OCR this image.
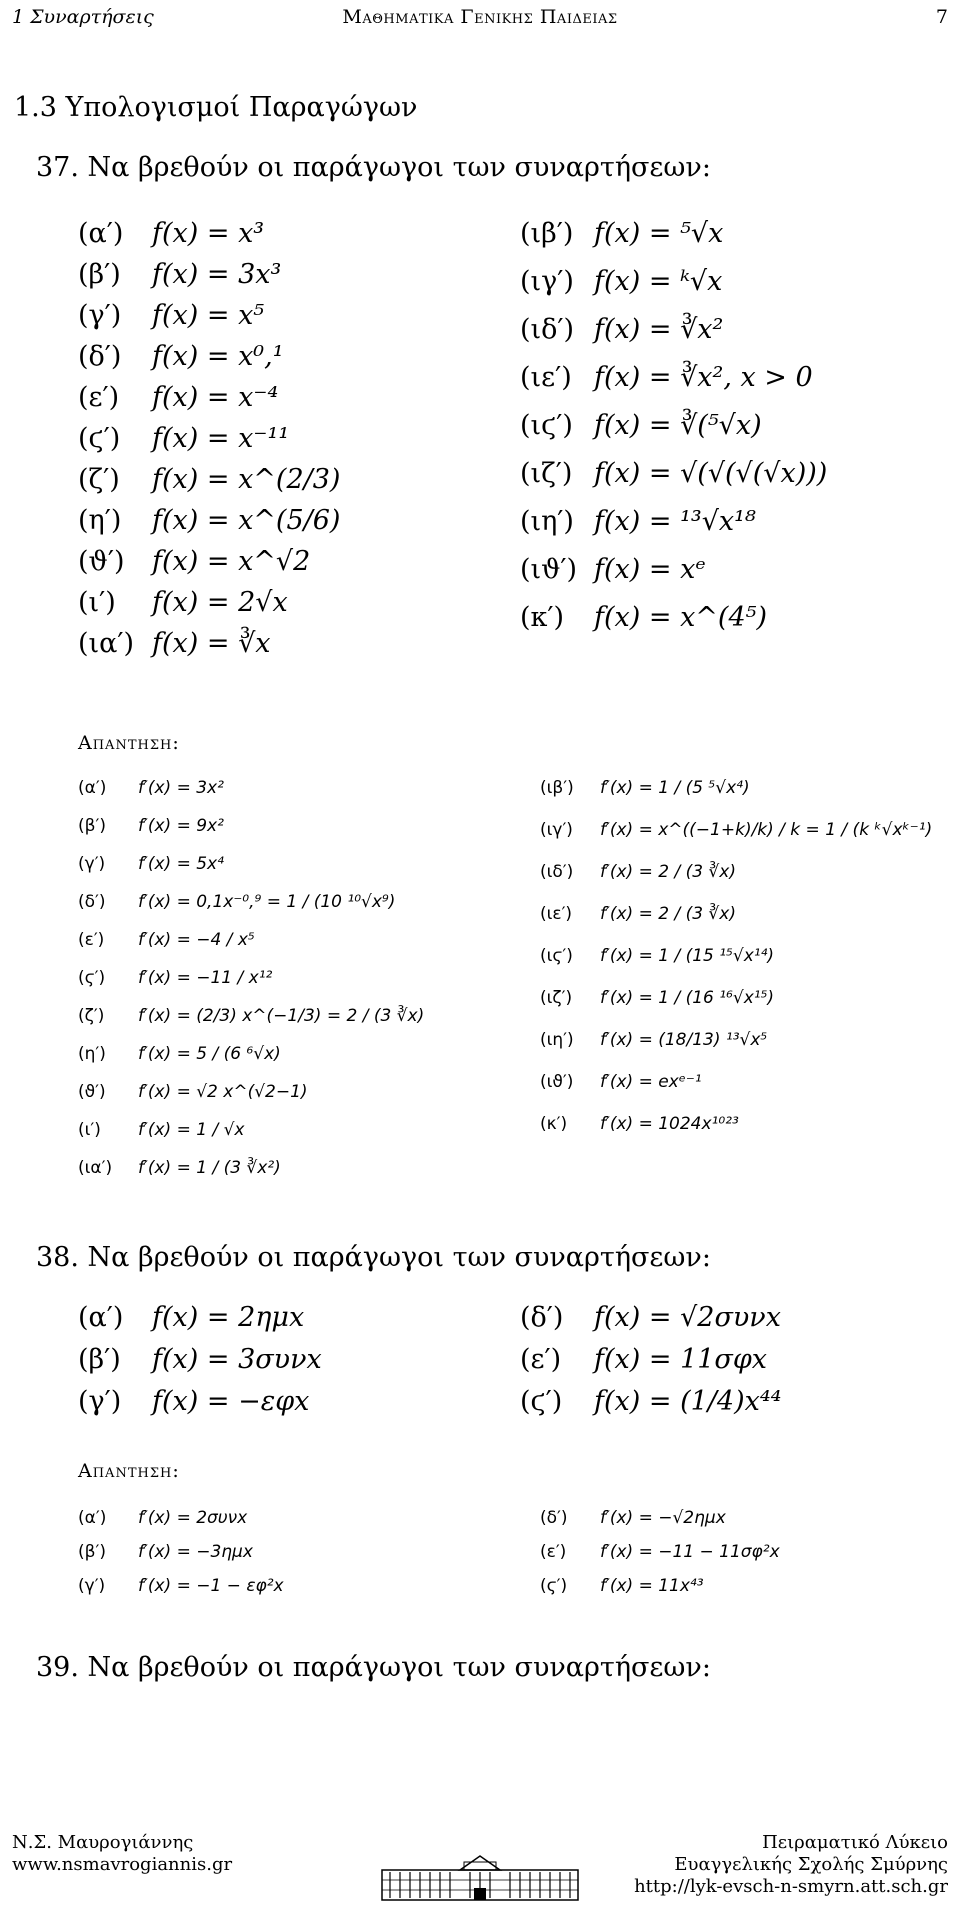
1 Συναρτήσεις	Μαθηματικα Γενικης Παιδειας	7
1.3 Υπολογισμοί Παραγώγων
37. Να βρεθούν οι παράγωγοι των συναρτήσεων:
(α′) f(x) = x³
(β′) f(x) = 3x³
(γ′) f(x) = x⁵
(δ′) f(x) = x⁰,¹
(ε′) f(x) = x⁻⁴
(ϛ′) f(x) = x⁻¹¹
(ζ′) f(x) = x^(2/3)
(η′) f(x) = x^(5/6)
(ϑ′) f(x) = x^√2
(ι′) f(x) = 2√x
(ια′) f(x) = ∛x
(ιβ′) f(x) = ⁵√x
(ιγ′) f(x) = ᵏ√x
(ιδ′) f(x) = ∛x²
(ιε′) f(x) = ∛x², x > 0
(ιϛ′) f(x) = ∛(⁵√x)
(ιζ′) f(x) = √(√(√(√x)))
(ιη′) f(x) = ¹³√x¹⁸
(ιϑ′) f(x) = xᵉ
(κ′) f(x) = x^(4⁵)
Απαντηση:
(α′) f′(x) = 3x²
(β′) f′(x) = 9x²
(γ′) f′(x) = 5x⁴
(δ′) f′(x) = 0,1x⁻⁰,⁹ = 1 / (10 ¹⁰√x⁹)
(ε′) f′(x) = −4 / x⁵
(ϛ′) f′(x) = −11 / x¹²
(ζ′) f′(x) = (2/3) x^(−1/3) = 2 / (3 ∛x)
(η′) f′(x) = 5 / (6 ⁶√x)
(ϑ′) f′(x) = √2 x^(√2−1)
(ι′) f′(x) = 1 / √x
(ια′) f′(x) = 1 / (3 ∛x²)
(ιβ′) f′(x) = 1 / (5 ⁵√x⁴)
(ιγ′) f′(x) = x^((−1+k)/k) / k = 1 / (k ᵏ√xᵏ⁻¹)
(ιδ′) f′(x) = 2 / (3 ∛x)
(ιε′) f′(x) = 2 / (3 ∛x)
(ιϛ′) f′(x) = 1 / (15 ¹⁵√x¹⁴)
(ιζ′) f′(x) = 1 / (16 ¹⁶√x¹⁵)
(ιη′) f′(x) = (18/13) ¹³√x⁵
(ιϑ′) f′(x) = exᵉ⁻¹
(κ′) f′(x) = 1024x¹⁰²³
38. Να βρεθούν οι παράγωγοι των συναρτήσεων:
(α′) f(x) = 2ημx
(β′) f(x) = 3συνx
(γ′) f(x) = −εφx
(δ′) f(x) = √2συνx
(ε′) f(x) = 11σφx
(ϛ′) f(x) = (1/4)x⁴⁴
Απαντηση:
(α′) f′(x) = 2συνx
(β′) f′(x) = −3ημx
(γ′) f′(x) = −1 − εφ²x
(δ′) f′(x) = −√2ημx
(ε′) f′(x) = −11 − 11σφ²x
(ϛ′) f′(x) = 11x⁴³
39. Να βρεθούν οι παράγωγοι των συναρτήσεων:
Ν.Σ. Μαυρογιάννης
www.nsmavrogiannis.gr
Πειραματικό Λύκειο
Ευαγγελικής Σχολής Σμύρνης
http://lyk-evsch-n-smyrn.att.sch.gr
